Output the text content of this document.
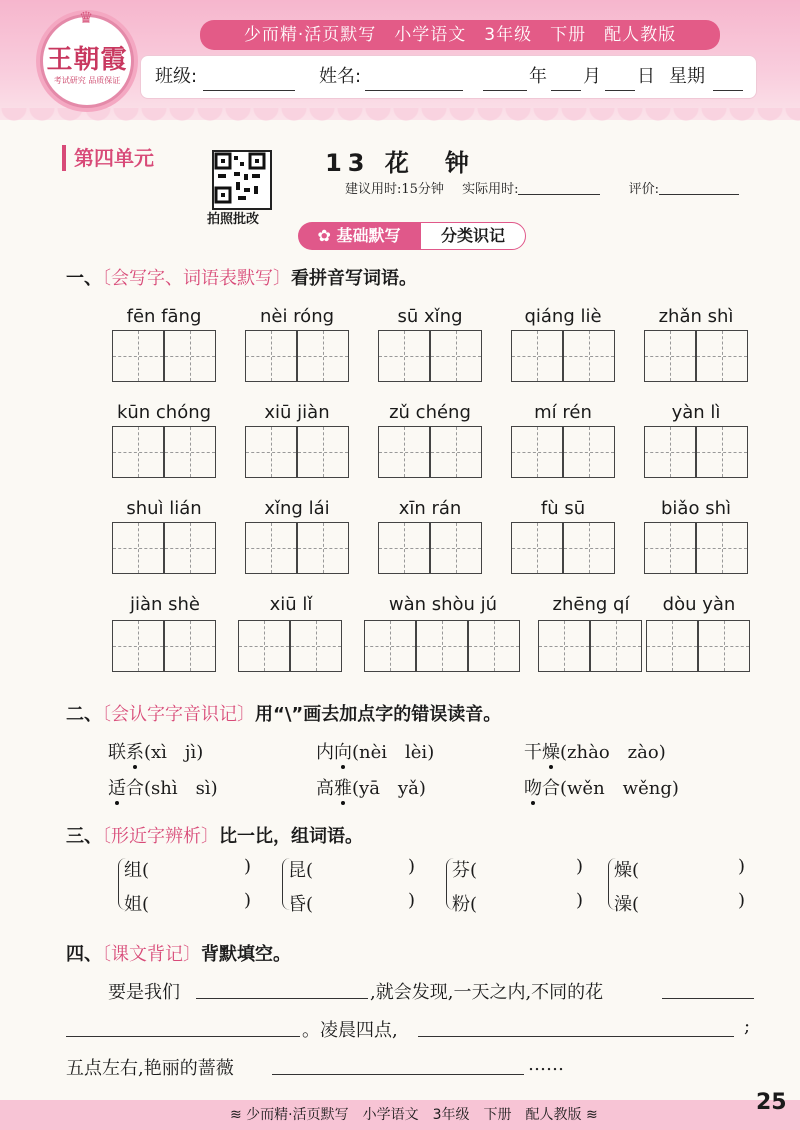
♛
王朝霞
考试研究 品质保证
少而精·活页默写　小学语文　3年级　下册　配人教版
班级:	姓名:	年 月 日 星期
第四单元
拍照批改
13 花　钟
建议用时:15分钟 实际用时:	评价:
✿ 基础默写	分类识记
一、〔会写字、词语表默写〕看拼音写词语。
fēn fāng	nèi róng	sū xǐng	qiáng liè	zhǎn shì
kūn chóng	xiū jiàn	zǔ chéng	mí rén	yàn lì
shuì lián	xǐng lái	xīn rán	fù sū	biǎo shì
jiàn shè	xiū lǐ	wàn shòu jú	zhēng qí	dòu yàn
二、〔会认字字音识记〕用“\”画去加点字的错误读音。
联系(xì　jì)	内向(nèi　lèi)	干燥(zhào　zào)
适合(shì　sì)	高雅(yā　yǎ)	吻合(wěn　wěng)
三、〔形近字辨析〕比一比，组词语。
组(	)
姐(	)
昆(	)
昏(	)
芬(	)
粉(	)
燥(	)
澡(	)
四、〔课文背记〕背默填空。
要是我们	,就会发现,一天之内,不同的花
。凌晨四点,	;
五点左右,艳丽的蔷薇	……
≋ 少而精·活页默写　小学语文　3年级　下册　配人教版 ≋	25
